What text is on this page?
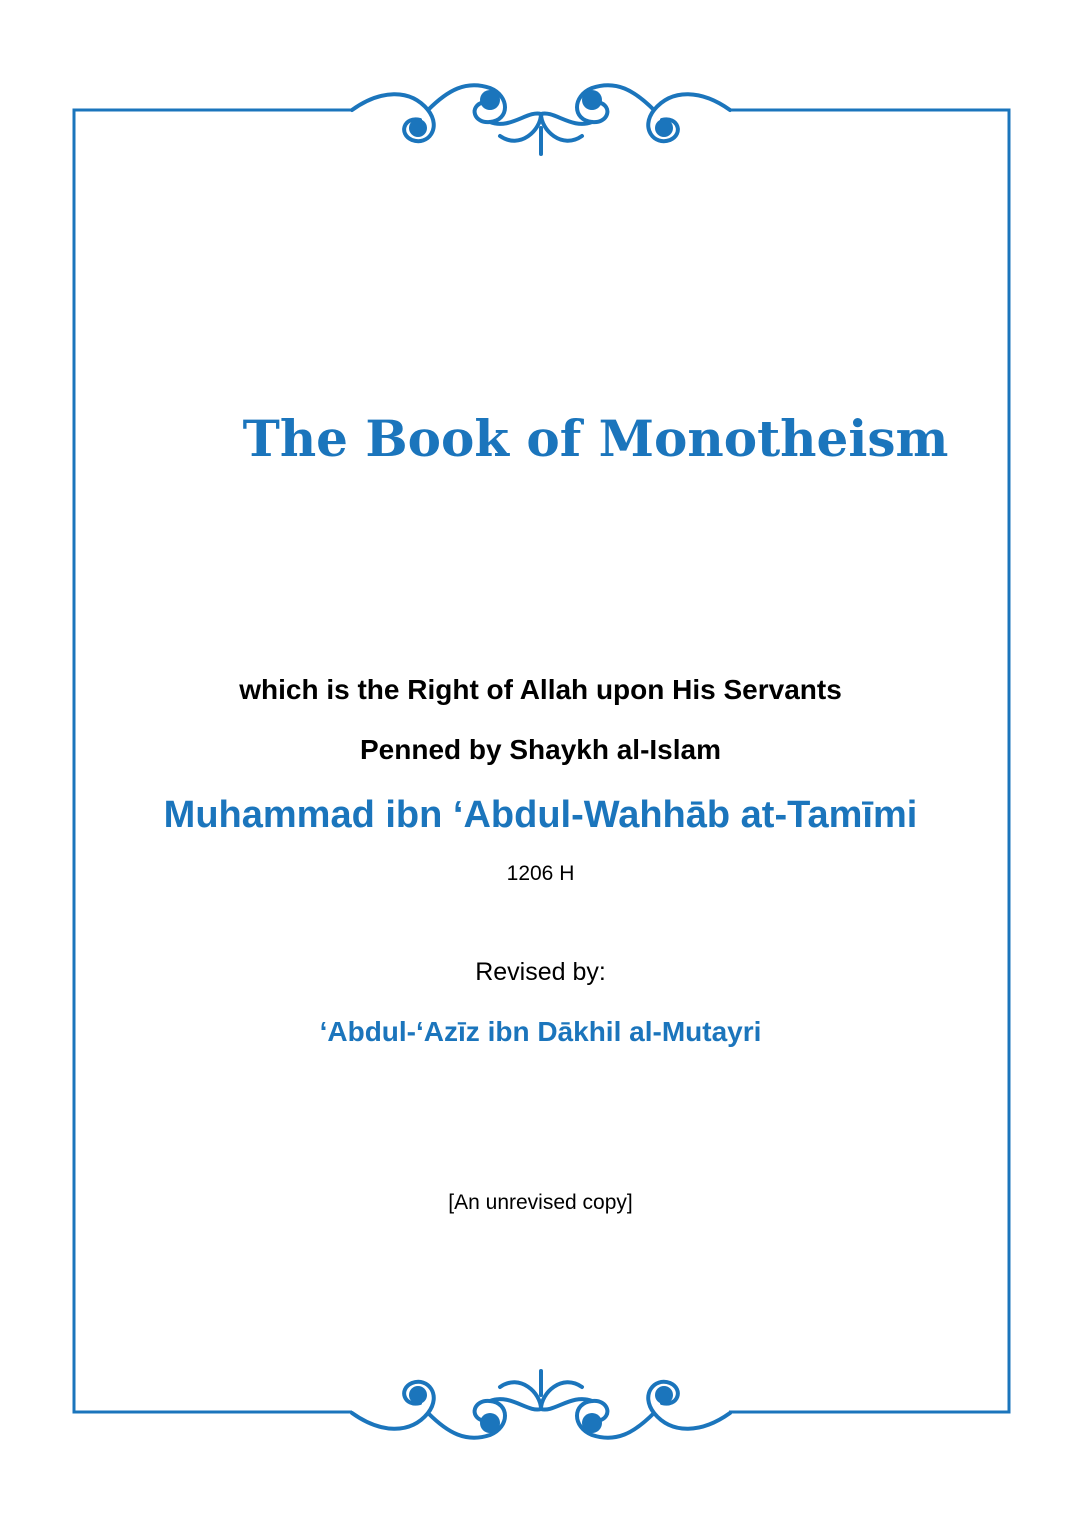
The Book of Monotheism
which is the Right of Allah upon His Servants
Penned by Shaykh al-Islam
Muhammad ibn ‘Abdul-Wahhāb at-Tamīmi
1206 H
Revised by:
‘Abdul-‘Azīz ibn Dākhil al-Mutayri
[An unrevised copy]
